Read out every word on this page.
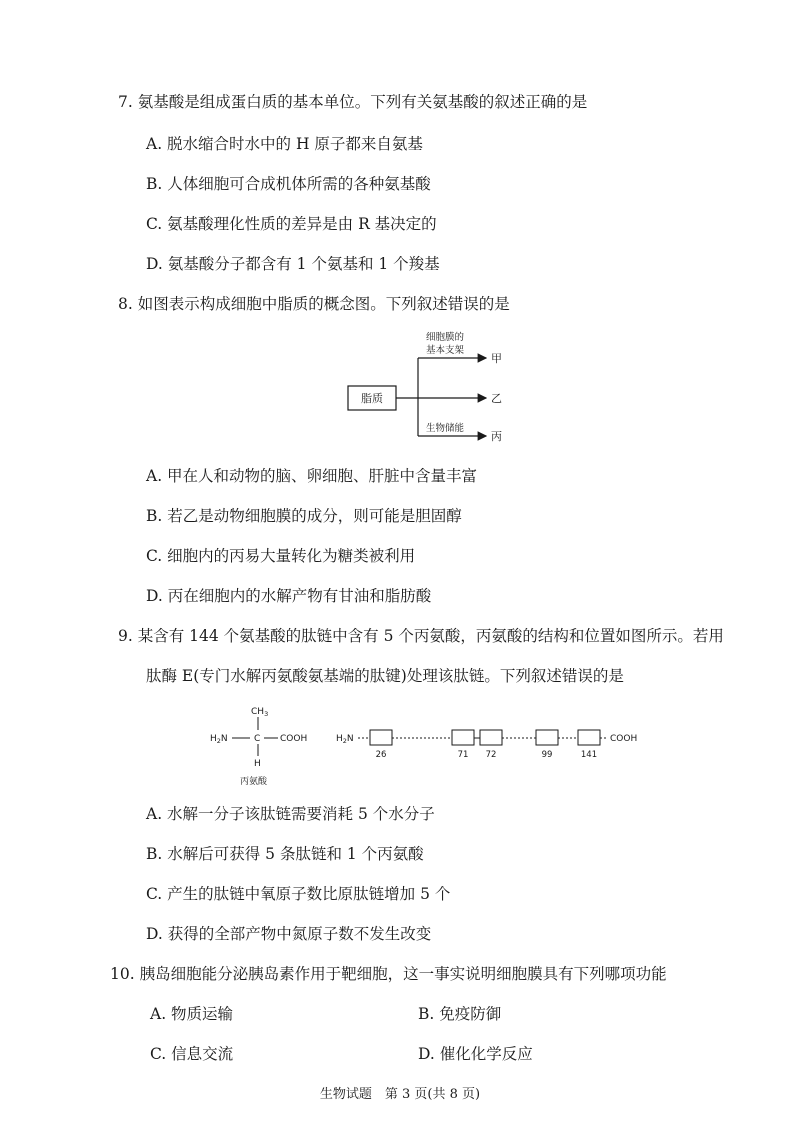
7. 氨基酸是组成蛋白质的基本单位。下列有关氨基酸的叙述正确的是
A. 脱水缩合时水中的 H 原子都来自氨基
B. 人体细胞可合成机体所需的各种氨基酸
C. 氨基酸理化性质的差异是由 R 基决定的
D. 氨基酸分子都含有 1 个氨基和 1 个羧基
8. 如图表示构成细胞中脂质的概念图。下列叙述错误的是
脂质
细胞膜的
基本支架
生物储能
甲
乙
丙
A. 甲在人和动物的脑、卵细胞、肝脏中含量丰富
B. 若乙是动物细胞膜的成分，则可能是胆固醇
C. 细胞内的丙易大量转化为糖类被利用
D. 丙在细胞内的水解产物有甘油和脂肪酸
9. 某含有 144 个氨基酸的肽链中含有 5 个丙氨酸，丙氨酸的结构和位置如图所示。若用
肽酶 E(专门水解丙氨酸氨基端的肽键)处理该肽链。下列叙述错误的是
$CH_3$
$H_2N$	C COOH
H
丙氨酸
$H_2N$	COOH
26	71 72	99	141
A. 水解一分子该肽链需要消耗 5 个水分子
B. 水解后可获得 5 条肽链和 1 个丙氨酸
C. 产生的肽链中氧原子数比原肽链增加 5 个
D. 获得的全部产物中氮原子数不发生改变
10. 胰岛细胞能分泌胰岛素作用于靶细胞，这一事实说明细胞膜具有下列哪项功能
A. 物质运输	B. 免疫防御
C. 信息交流	D. 催化化学反应
生物试题　第 3 页(共 8 页)
